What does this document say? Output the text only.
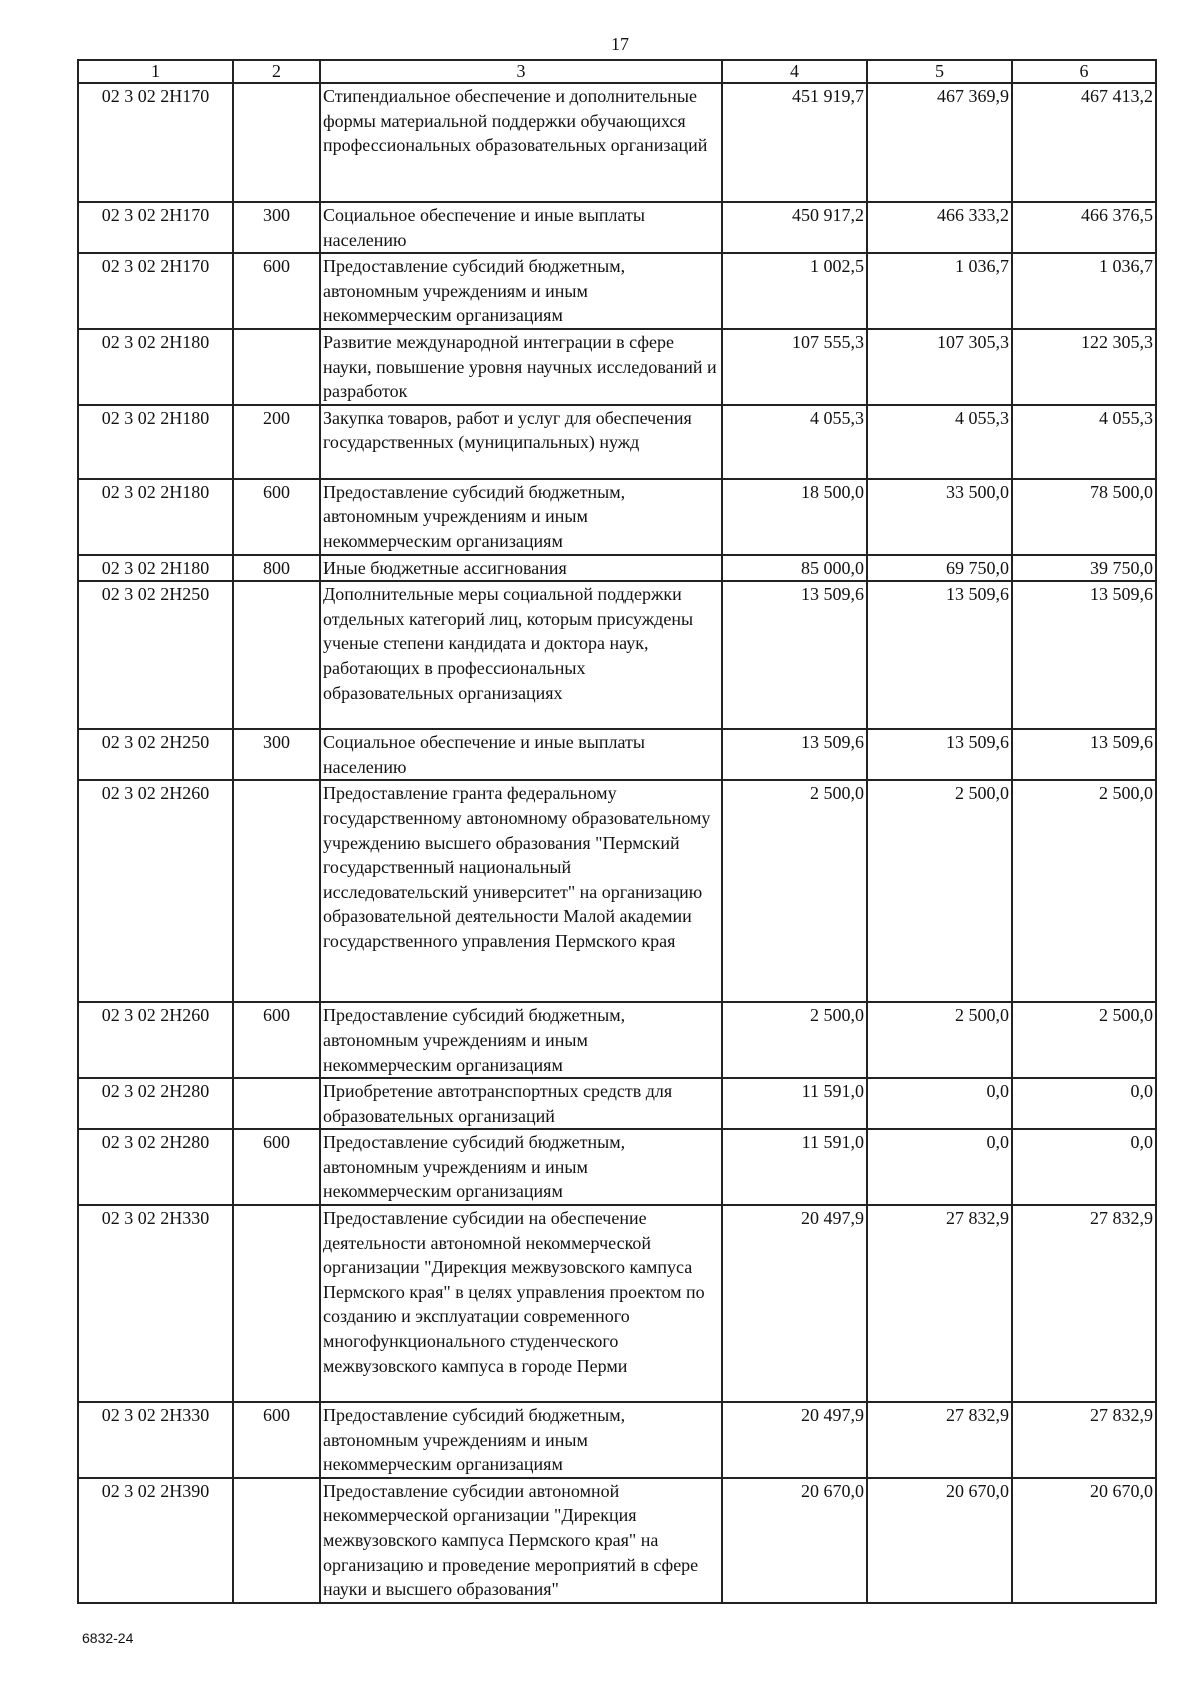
17
1	2	3	4	5	6
02 3 02 2Н170		Стипендиальное обеспечение и дополнительные формы материальной поддержки обучающихся профессиональных образовательных организаций	451 919,7	467 369,9	467 413,2
02 3 02 2Н170	300	Социальное обеспечение и иные выплаты населению	450 917,2	466 333,2	466 376,5
02 3 02 2Н170	600	Предоставление субсидий бюджетным, автономным учреждениям и иным некоммерческим организациям	1 002,5	1 036,7	1 036,7
02 3 02 2Н180		Развитие международной интеграции в сфере науки, повышение уровня научных исследований и разработок	107 555,3	107 305,3	122 305,3
02 3 02 2Н180	200	Закупка товаров, работ и услуг для обеспечения государственных (муниципальных) нужд	4 055,3	4 055,3	4 055,3
02 3 02 2Н180	600	Предоставление субсидий бюджетным, автономным учреждениям и иным некоммерческим организациям	18 500,0	33 500,0	78 500,0
02 3 02 2Н180	800	Иные бюджетные ассигнования	85 000,0	69 750,0	39 750,0
02 3 02 2Н250		Дополнительные меры социальной поддержки отдельных категорий лиц, которым присуждены ученые степени кандидата и доктора наук, работающих в профессиональных образовательных организациях	13 509,6	13 509,6	13 509,6
02 3 02 2Н250	300	Социальное обеспечение и иные выплаты населению	13 509,6	13 509,6	13 509,6
02 3 02 2Н260		Предоставление гранта федеральному государственному автономному образовательному учреждению высшего образования "Пермский государственный национальный исследовательский университет" на организацию образовательной деятельности Малой академии государственного управления Пермского края	2 500,0	2 500,0	2 500,0
02 3 02 2Н260	600	Предоставление субсидий бюджетным, автономным учреждениям и иным некоммерческим организациям	2 500,0	2 500,0	2 500,0
02 3 02 2Н280		Приобретение автотранспортных средств для образовательных организаций	11 591,0	0,0	0,0
02 3 02 2Н280	600	Предоставление субсидий бюджетным, автономным учреждениям и иным некоммерческим организациям	11 591,0	0,0	0,0
02 3 02 2Н330		Предоставление субсидии на обеспечение деятельности автономной некоммерческой организации "Дирекция межвузовского кампуса Пермского края" в целях управления проектом по созданию и эксплуатации современного многофункционального студенческого межвузовского кампуса в городе Перми	20 497,9	27 832,9	27 832,9
02 3 02 2Н330	600	Предоставление субсидий бюджетным, автономным учреждениям и иным некоммерческим организациям	20 497,9	27 832,9	27 832,9
02 3 02 2Н390		Предоставление субсидии автономной некоммерческой организации "Дирекция межвузовского кампуса Пермского края" на организацию и проведение мероприятий в сфере науки и высшего образования"	20 670,0	20 670,0	20 670,0
6832-24
